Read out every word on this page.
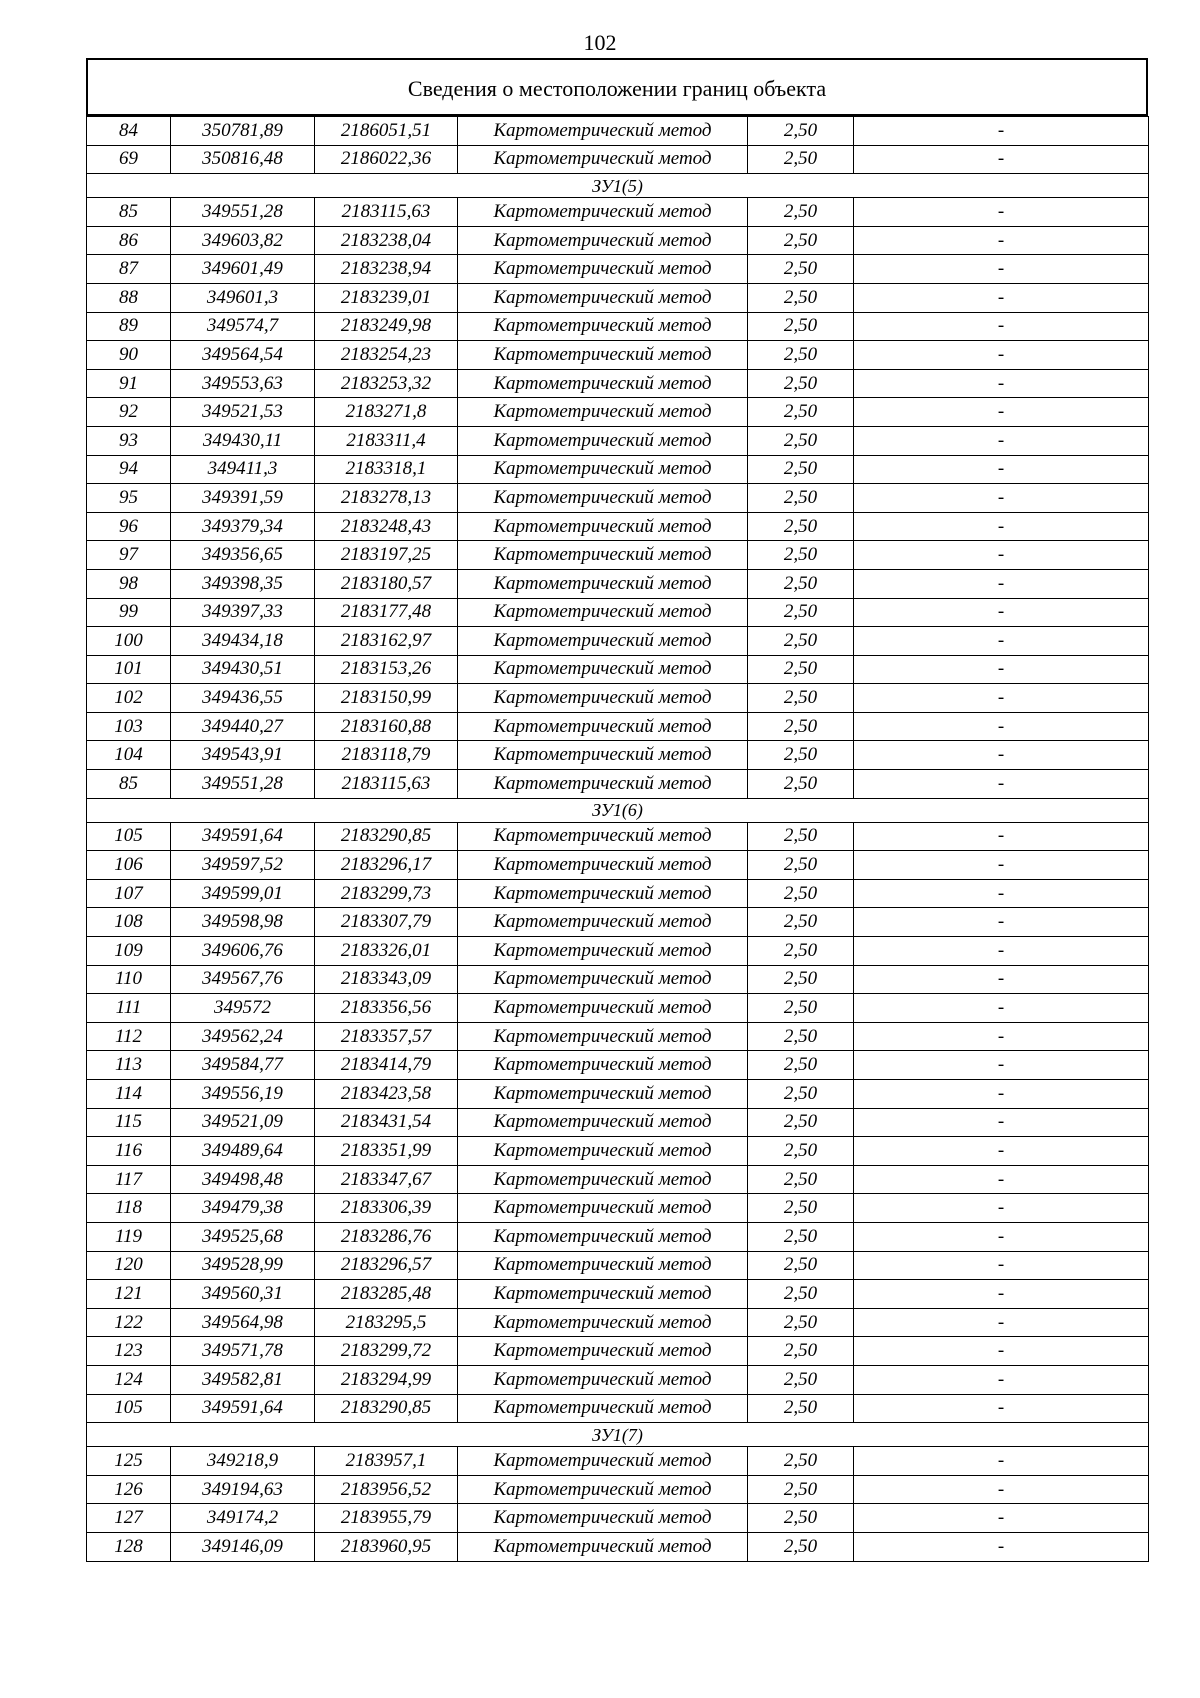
102
Сведения о местоположении границ объекта
84	350781,89	2186051,51	Картометрический метод	2,50	-
69	350816,48	2186022,36	Картометрический метод	2,50	-
ЗУ1(5)					
85	349551,28	2183115,63	Картометрический метод	2,50	-
86	349603,82	2183238,04	Картометрический метод	2,50	-
87	349601,49	2183238,94	Картометрический метод	2,50	-
88	349601,3	2183239,01	Картометрический метод	2,50	-
89	349574,7	2183249,98	Картометрический метод	2,50	-
90	349564,54	2183254,23	Картометрический метод	2,50	-
91	349553,63	2183253,32	Картометрический метод	2,50	-
92	349521,53	2183271,8	Картометрический метод	2,50	-
93	349430,11	2183311,4	Картометрический метод	2,50	-
94	349411,3	2183318,1	Картометрический метод	2,50	-
95	349391,59	2183278,13	Картометрический метод	2,50	-
96	349379,34	2183248,43	Картометрический метод	2,50	-
97	349356,65	2183197,25	Картометрический метод	2,50	-
98	349398,35	2183180,57	Картометрический метод	2,50	-
99	349397,33	2183177,48	Картометрический метод	2,50	-
100	349434,18	2183162,97	Картометрический метод	2,50	-
101	349430,51	2183153,26	Картометрический метод	2,50	-
102	349436,55	2183150,99	Картометрический метод	2,50	-
103	349440,27	2183160,88	Картометрический метод	2,50	-
104	349543,91	2183118,79	Картометрический метод	2,50	-
85	349551,28	2183115,63	Картометрический метод	2,50	-
ЗУ1(6)					
105	349591,64	2183290,85	Картометрический метод	2,50	-
106	349597,52	2183296,17	Картометрический метод	2,50	-
107	349599,01	2183299,73	Картометрический метод	2,50	-
108	349598,98	2183307,79	Картометрический метод	2,50	-
109	349606,76	2183326,01	Картометрический метод	2,50	-
110	349567,76	2183343,09	Картометрический метод	2,50	-
111	349572	2183356,56	Картометрический метод	2,50	-
112	349562,24	2183357,57	Картометрический метод	2,50	-
113	349584,77	2183414,79	Картометрический метод	2,50	-
114	349556,19	2183423,58	Картометрический метод	2,50	-
115	349521,09	2183431,54	Картометрический метод	2,50	-
116	349489,64	2183351,99	Картометрический метод	2,50	-
117	349498,48	2183347,67	Картометрический метод	2,50	-
118	349479,38	2183306,39	Картометрический метод	2,50	-
119	349525,68	2183286,76	Картометрический метод	2,50	-
120	349528,99	2183296,57	Картометрический метод	2,50	-
121	349560,31	2183285,48	Картометрический метод	2,50	-
122	349564,98	2183295,5	Картометрический метод	2,50	-
123	349571,78	2183299,72	Картометрический метод	2,50	-
124	349582,81	2183294,99	Картометрический метод	2,50	-
105	349591,64	2183290,85	Картометрический метод	2,50	-
ЗУ1(7)					
125	349218,9	2183957,1	Картометрический метод	2,50	-
126	349194,63	2183956,52	Картометрический метод	2,50	-
127	349174,2	2183955,79	Картометрический метод	2,50	-
128	349146,09	2183960,95	Картометрический метод	2,50	-
